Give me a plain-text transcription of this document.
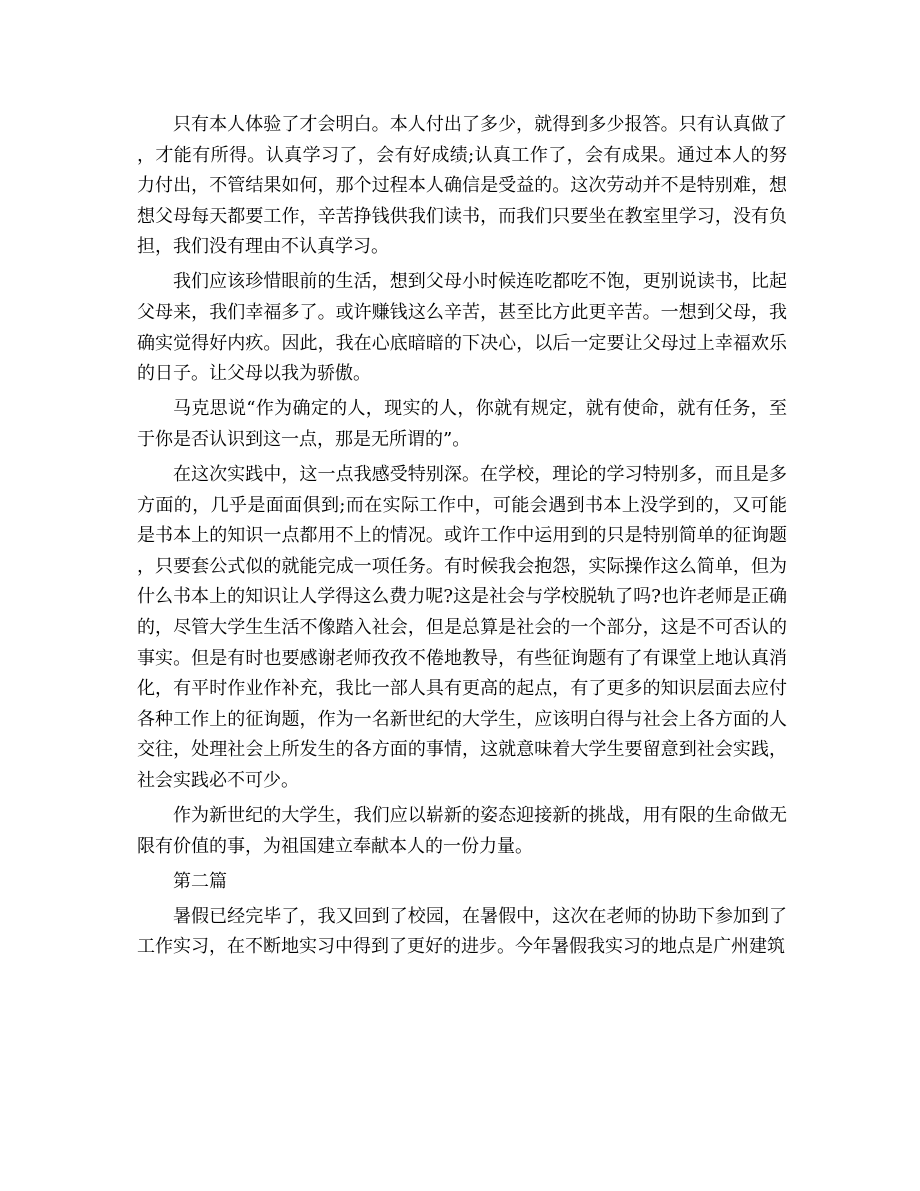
只有本人体验了才会明白。本人付出了多少，就得到多少报答。只有认真做了，才能有所得。认真学习了，会有好成绩;认真工作了，会有成果。通过本人的努力付出，不管结果如何，那个过程本人确信是受益的。这次劳动并不是特别难，想想父母每天都要工作，辛苦挣钱供我们读书，而我们只要坐在教室里学习，没有负担，我们没有理由不认真学习。

我们应该珍惜眼前的生活，想到父母小时候连吃都吃不饱，更别说读书，比起父母来，我们幸福多了。或许赚钱这么辛苦，甚至比方此更辛苦。一想到父母，我确实觉得好内疚。因此，我在心底暗暗的下决心，以后一定要让父母过上幸福欢乐的日子。让父母以我为骄傲。

马克思说“作为确定的人，现实的人，你就有规定，就有使命，就有任务，至于你是否认识到这一点，那是无所谓的”。

在这次实践中，这一点我感受特别深。在学校，理论的学习特别多，而且是多方面的，几乎是面面俱到;而在实际工作中，可能会遇到书本上没学到的，又可能是书本上的知识一点都用不上的情况。或许工作中运用到的只是特别简单的征询题，只要套公式似的就能完成一项任务。有时候我会抱怨，实际操作这么简单，但为什么书本上的知识让人学得这么费力呢?这是社会与学校脱轨了吗?也许老师是正确的，尽管大学生生活不像踏入社会，但是总算是社会的一个部分，这是不可否认的事实。但是有时也要感谢老师孜孜不倦地教导，有些征询题有了有课堂上地认真消化，有平时作业作补充，我比一部人具有更高的起点，有了更多的知识层面去应付各种工作上的征询题，作为一名新世纪的大学生，应该明白得与社会上各方面的人交往，处理社会上所发生的各方面的事情，这就意味着大学生要留意到社会实践，社会实践必不可少。

作为新世纪的大学生，我们应以崭新的姿态迎接新的挑战，用有限的生命做无限有价值的事，为祖国建立奉献本人的一份力量。

第二篇

暑假已经完毕了，我又回到了校园，在暑假中，这次在老师的协助下参加到了工作实习，在不断地实习中得到了更好的进步。今年暑假我实习的地点是广州建筑
